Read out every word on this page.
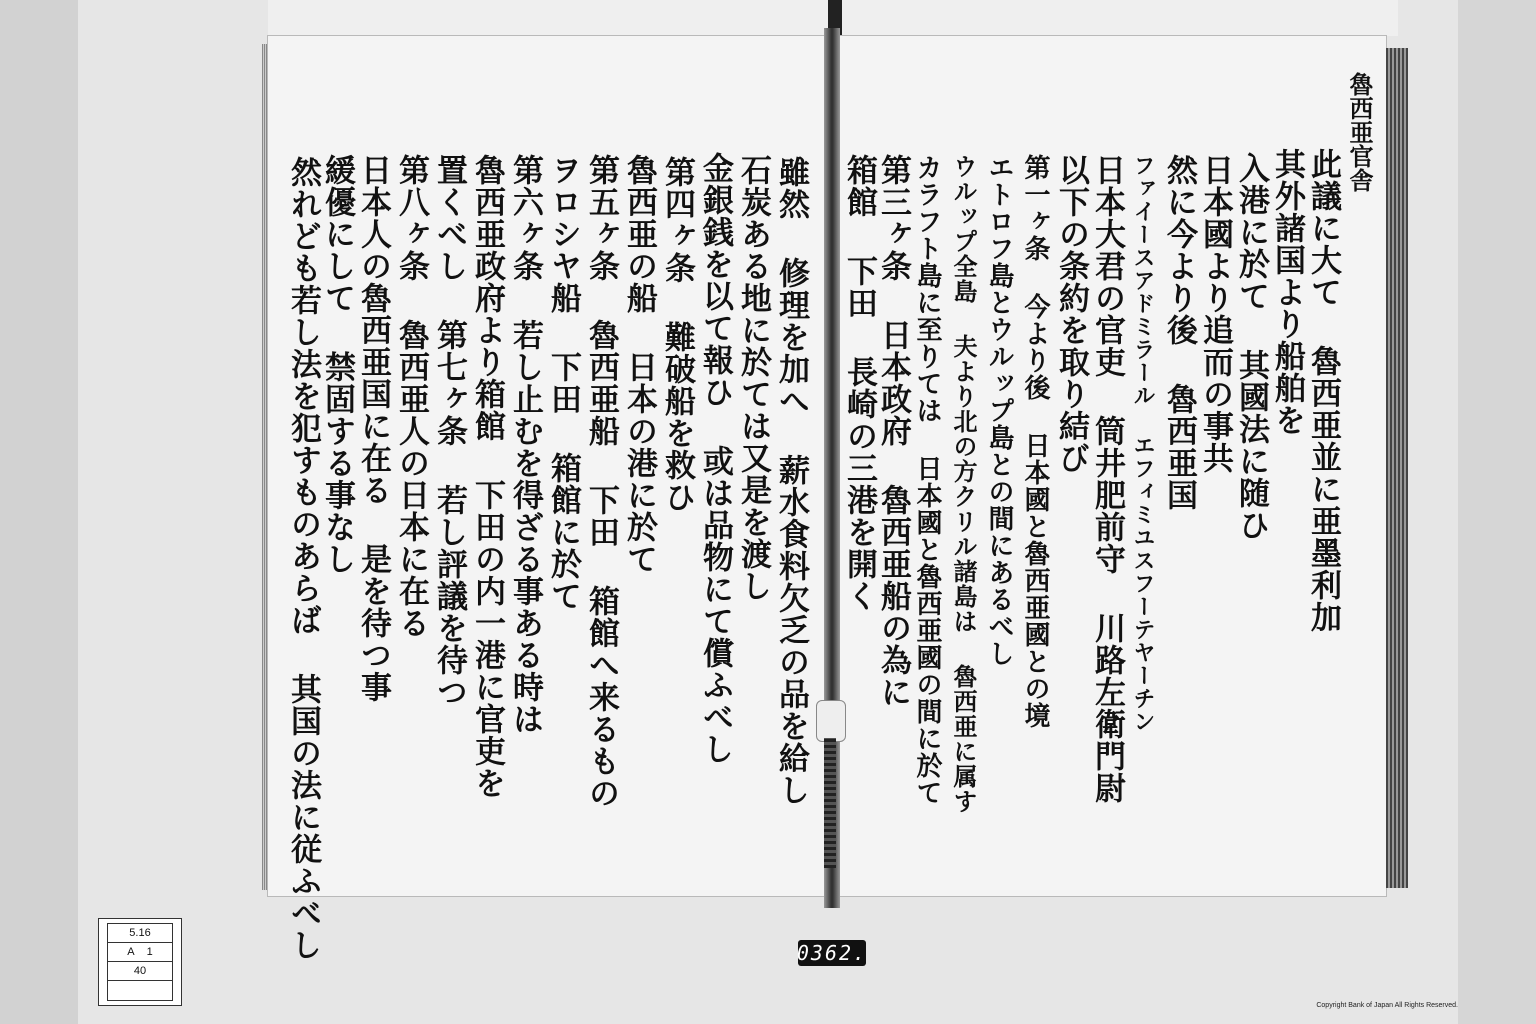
雖然 修理を加へ 薪水食料欠乏の品を給し
石炭ある地に於ては又是を渡し
金銀銭を以て報ひ 或は品物にて償ふべし
第四ヶ条 難破船を救ひ
魯西亜の船 日本の港に於て
第五ヶ条 魯西亜船 下田 箱館へ来るもの
ヲロシヤ船 下田 箱館に於て
第六ヶ条 若し止むを得ざる事ある時は
魯西亜政府より箱館 下田の内一港に官吏を
置くべし 第七ヶ条 若し評議を待つ
第八ヶ条 魯西亜人の日本に在る
日本人の魯西亜国に在る 是を待つ事
緩優にして 禁固する事なし
然れども若し法を犯すものあらば 其国の法に従ふべし
魯西亜官舎
此議に大て 魯西亜並に亜墨利加
其外諸国より船舶を
入港に於て 其國法に随ひ
日本國より追而の事共
然に今より後 魯西亜国
ファイースアドミラール エフィミユスフーテヤーチン
日本大君の官吏 筒井肥前守 川路左衛門尉
以下の条約を取り結び
第一ヶ条 今より後 日本國と魯西亜國との境
エトロフ島とウルップ島との間にあるべし
ウルップ全島 夫より北の方クリル諸島は 魯西亜に属す
カラフト島に至りては 日本國と魯西亜國の間に於て
第三ヶ条 日本政府 魯西亜船の為に
箱館 下田 長崎の三港を開く
5.16
A 1
40
0362.
Copyright Bank of Japan All Rights Reserved.
